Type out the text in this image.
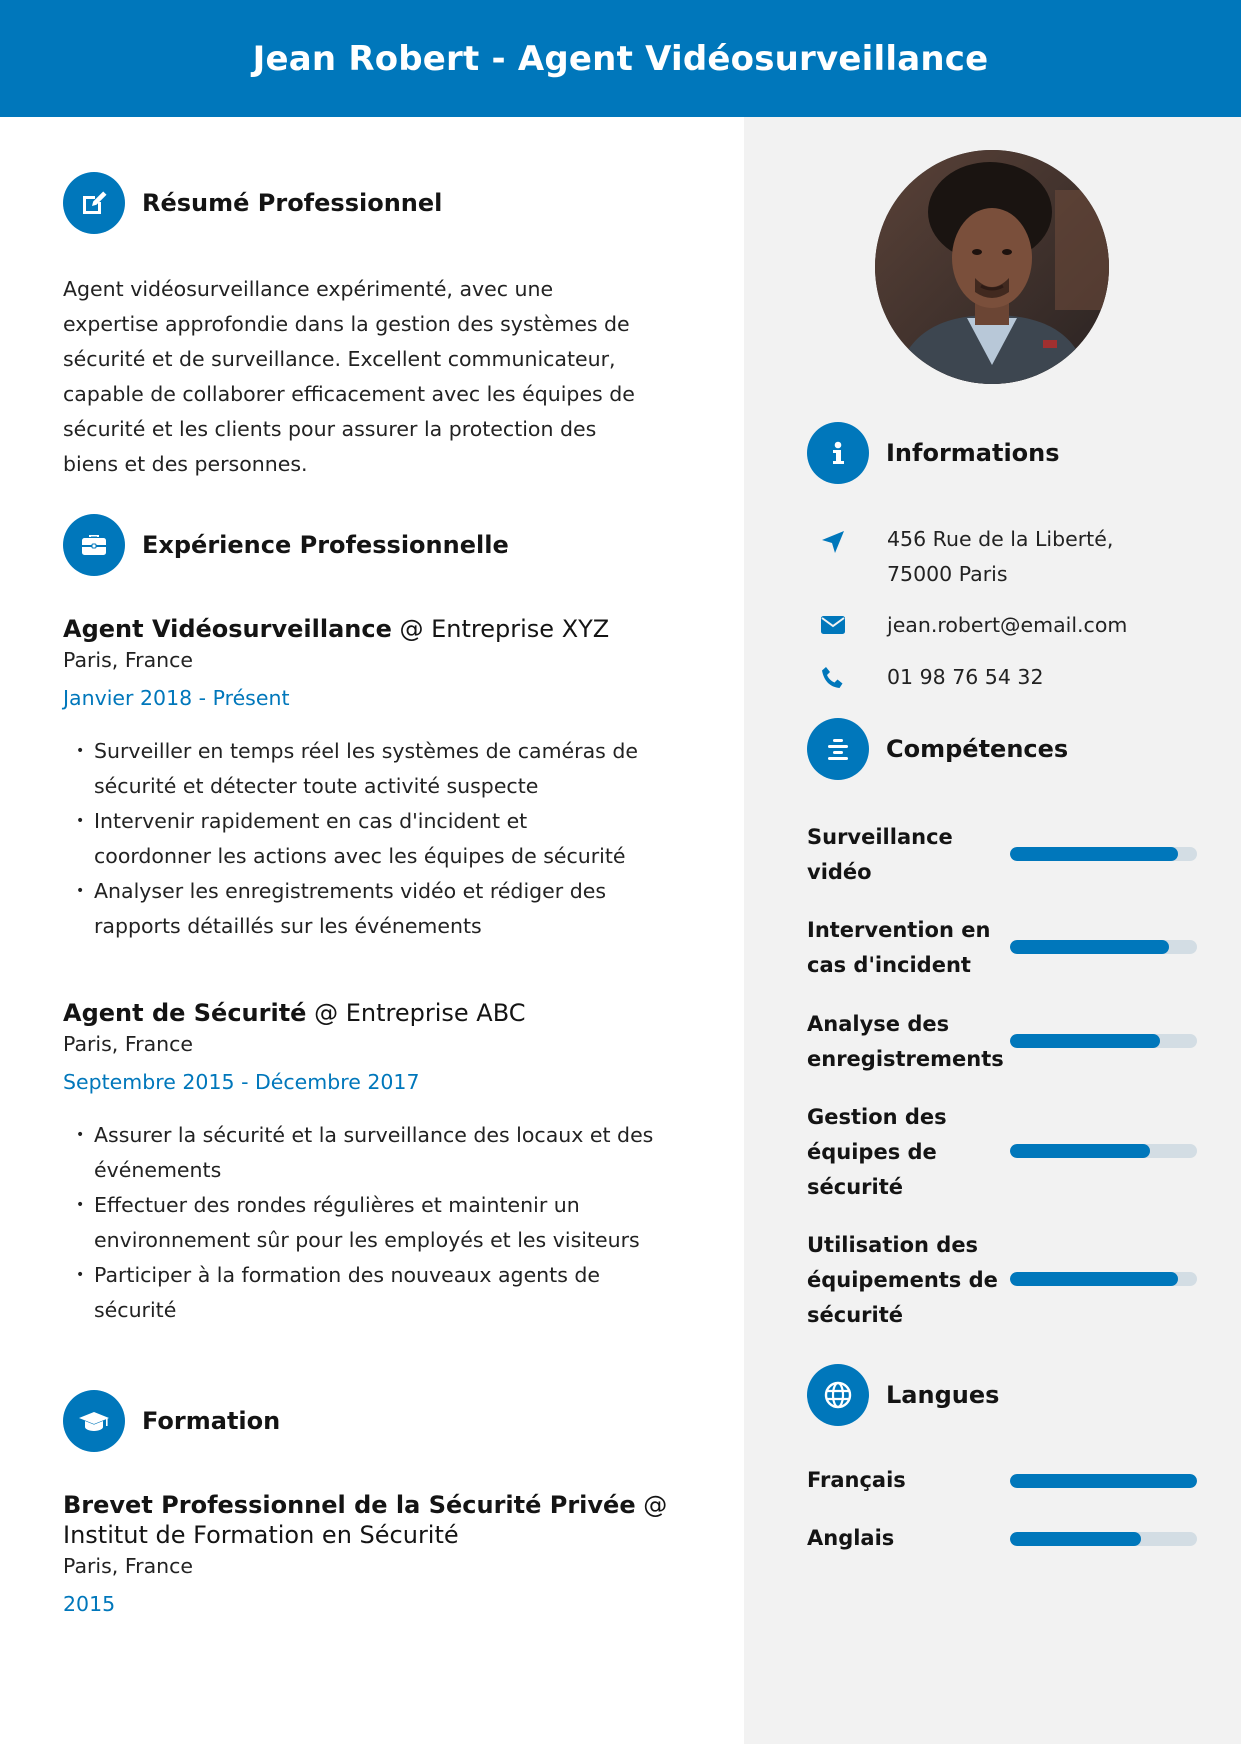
Jean Robert - Agent Vidéosurveillance
Résumé Professionnel

Agent vidéosurveillance expérimenté, avec une
expertise approfondie dans la gestion des systèmes de
sécurité et de surveillance. Excellent communicateur,
capable de collaborer efficacement avec les équipes de
sécurité et les clients pour assurer la protection des
biens et des personnes.

Expérience Professionnelle
Agent Vidéosurveillance @ Entreprise XYZ
Paris, France
Janvier 2018 - Présent
• Surveiller en temps réel les systèmes de caméras de
sécurité et détecter toute activité suspecte
• Intervenir rapidement en cas d'incident et
coordonner les actions avec les équipes de sécurité
• Analyser les enregistrements vidéo et rédiger des
rapports détaillés sur les événements
Agent de Sécurité @ Entreprise ABC
Paris, France
Septembre 2015 - Décembre 2017
• Assurer la sécurité et la surveillance des locaux et des
événements
• Effectuer des rondes régulières et maintenir un
environnement sûr pour les employés et les visiteurs
• Participer à la formation des nouveaux agents de
sécurité
Formation
Brevet Professionnel de la Sécurité Privée @
Institut de Formation en Sécurité
Paris, France
2015
Informations
456 Rue de la Liberté,
75000 Paris
jean.robert@email.com
01 98 76 54 32
Compétences
Surveillance
vidéo
Intervention en
cas d'incident
Analyse des
enregistrements
Gestion des
équipes de
sécurité
Utilisation des
équipements de
sécurité
Langues
Français
Anglais
